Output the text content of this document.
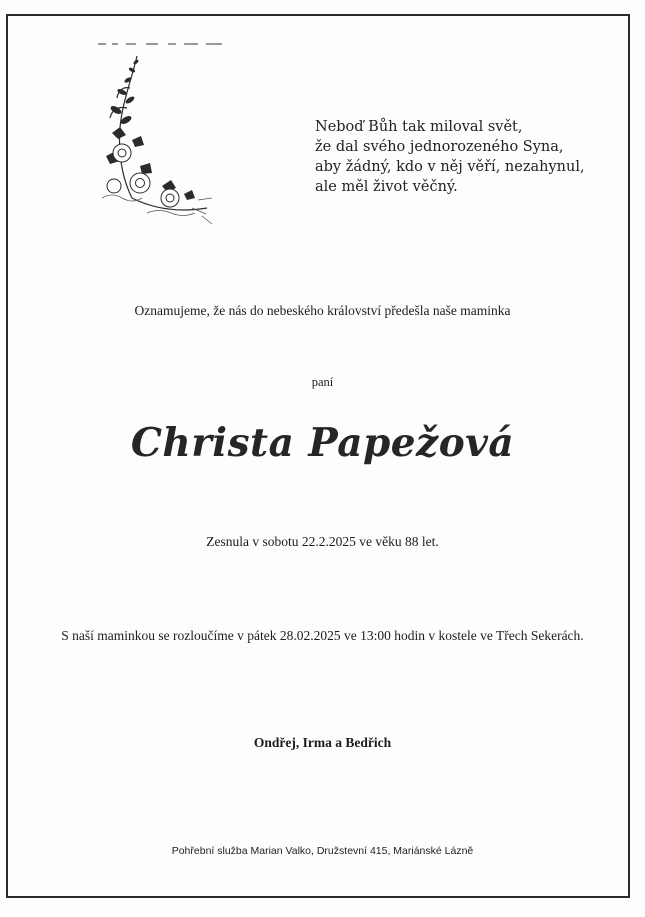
Neboď Bůh tak miloval svět,
že dal svého jednorozeného Syna,
aby žádný, kdo v něj věří, nezahynul,
ale měl život věčný.
Oznamujeme, že nás do nebeského království předešla naše maminka
paní
Christa Papežová
Zesnula v sobotu 22.2.2025 ve věku 88 let.
S naší maminkou se rozloučíme v pátek 28.02.2025 ve 13:00 hodin v kostele ve Třech Sekerách.
Ondřej, Irma a Bedřich
Pohřební služba Marian Valko, Družstevní 415, Mariánské Lázně
